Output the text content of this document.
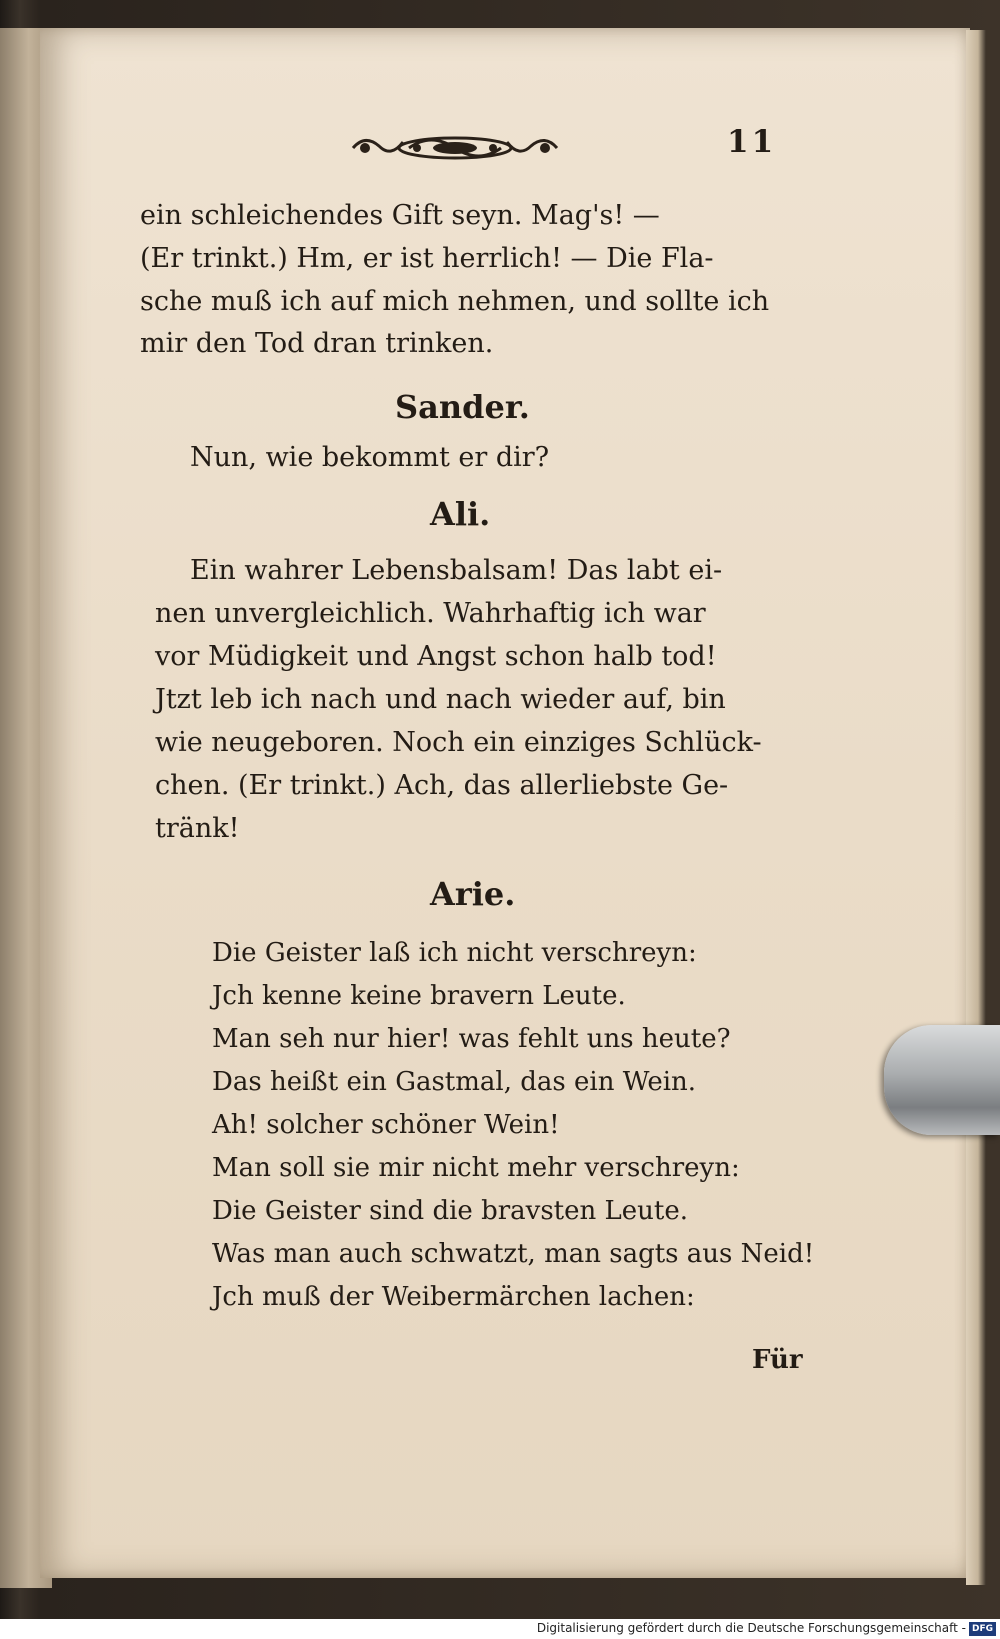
11
ein schleichendes Gift seyn. Mag's! —
(Er trinkt.) Hm, er ist herrlich! — Die Fla-
sche muß ich auf mich nehmen, und sollte ich
mir den Tod dran trinken.
Sander.
Nun, wie bekommt er dir?
Ali.
Ein wahrer Lebensbalsam! Das labt ei-
nen unvergleichlich. Wahrhaftig ich war
vor Müdigkeit und Angst schon halb tod!
Jtzt leb ich nach und nach wieder auf, bin
wie neugeboren. Noch ein einziges Schlück-
chen. (Er trinkt.) Ach, das allerliebste Ge-
tränk!
Arie.
Die Geister laß ich nicht verschreyn:
Jch kenne keine bravern Leute.
Man seh nur hier! was fehlt uns heute?
Das heißt ein Gastmal, das ein Wein.
Ah! solcher schöner Wein!
Man soll sie mir nicht mehr verschreyn:
Die Geister sind die bravsten Leute.
Was man auch schwatzt, man sagts aus Neid!
Jch muß der Weibermärchen lachen:
Für
Digitalisierung gefördert durch die Deutsche Forschungsgemeinschaft - DFG
